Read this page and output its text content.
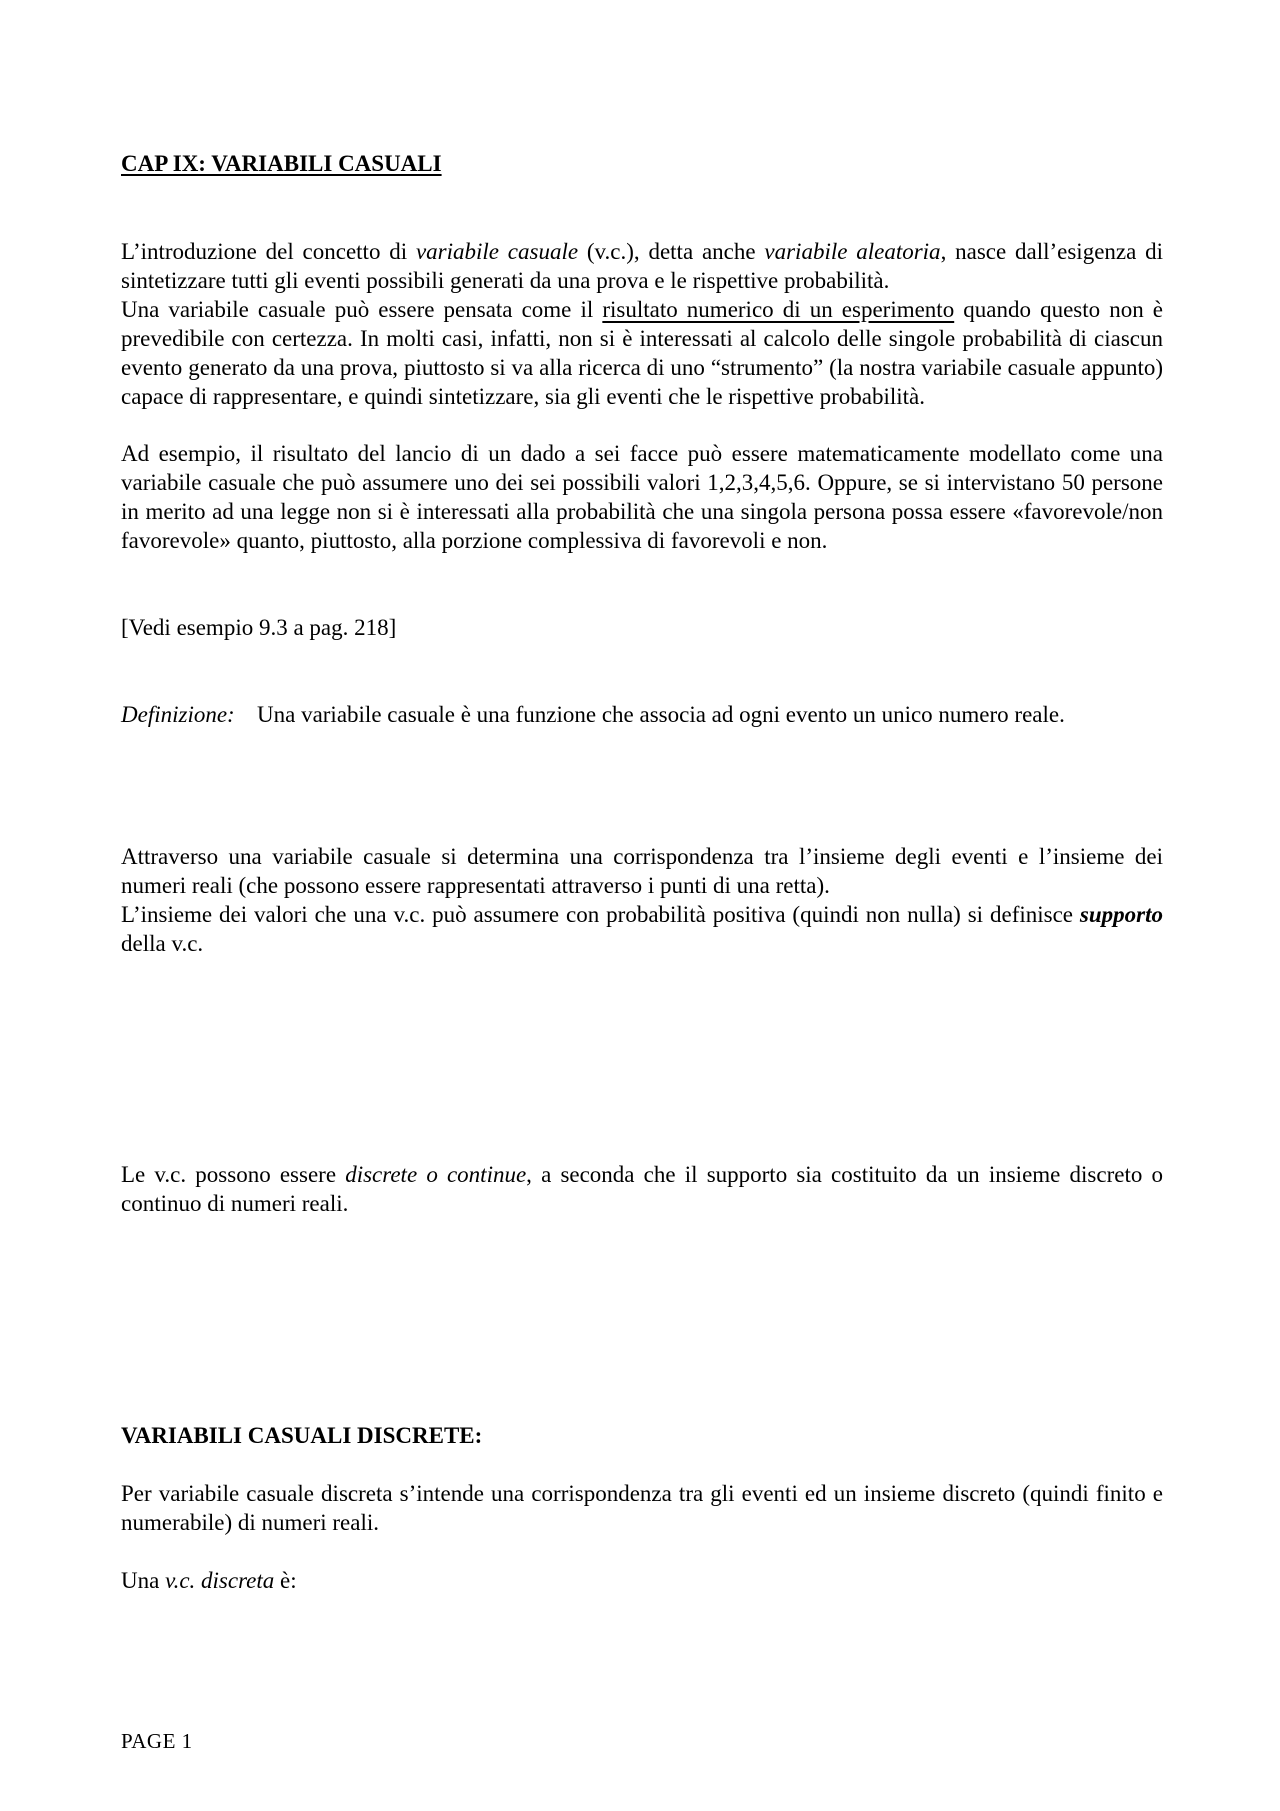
CAP IX: VARIABILI CASUALI

L’introduzione del concetto di variabile casuale (v.c.), detta anche variabile aleatoria, nasce dall’esigenza di sintetizzare tutti gli eventi possibili generati da una prova e le rispettive probabilità.

Una variabile casuale può essere pensata come il risultato numerico di un esperimento quando questo non è prevedibile con certezza. In molti casi, infatti, non si è interessati al calcolo delle singole probabilità di ciascun evento generato da una prova, piuttosto si va alla ricerca di uno “strumento” (la nostra variabile casuale appunto) capace di rappresentare, e quindi sintetizzare, sia gli eventi che le rispettive probabilità.

Ad esempio, il risultato del lancio di un dado a sei facce può essere matematicamente modellato come una variabile casuale che può assumere uno dei sei possibili valori 1,2,3,4,5,6. Oppure, se si intervistano 50 persone in merito ad una legge non si è interessati alla probabilità che una singola persona possa essere «favorevole/non favorevole» quanto, piuttosto, alla porzione complessiva di favorevoli e non.

[Vedi esempio 9.3 a pag. 218]

Definizione: Una variabile casuale è una funzione che associa ad ogni evento un unico numero reale.

Attraverso una variabile casuale si determina una corrispondenza tra l’insieme degli eventi e l’insieme dei numeri reali (che possono essere rappresentati attraverso i punti di una retta).

L’insieme dei valori che una v.c. può assumere con probabilità positiva (quindi non nulla) si definisce supporto della v.c.

Le v.c. possono essere discrete o continue, a seconda che il supporto sia costituito da un insieme discreto o continuo di numeri reali.

VARIABILI CASUALI DISCRETE:

Per variabile casuale discreta s’intende una corrispondenza tra gli eventi ed un insieme discreto (quindi finito e numerabile) di numeri reali.

Una v.c. discreta è:

PAGE 1
